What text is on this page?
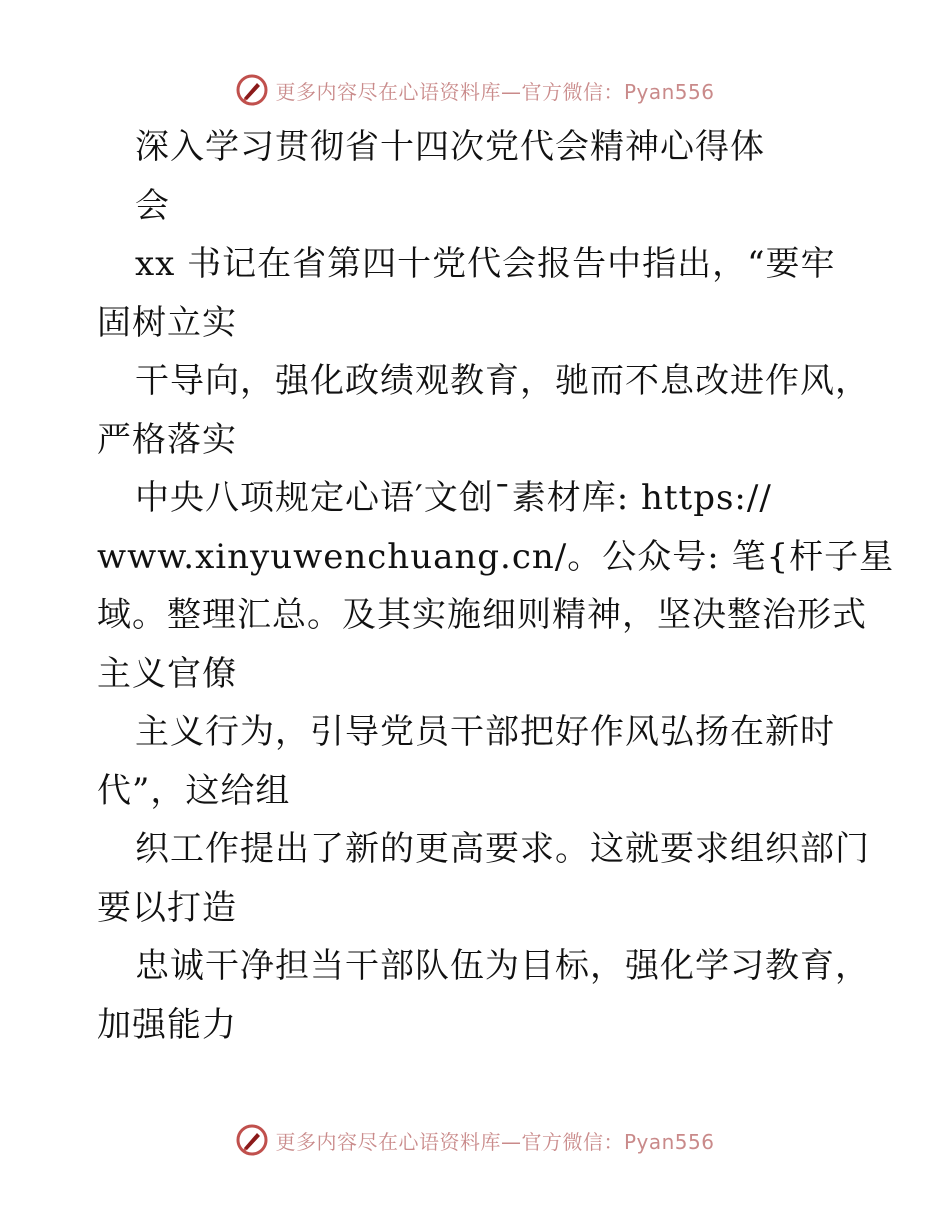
更多内容尽在心语资料库—官方微信：Pyan556
深入学习贯彻省十四次党代会精神心得体
会
xx 书记在省第四十党代会报告中指出，“要牢
固树立实
干导向，强化政绩观教育，驰而不息改进作风，
严格落实
中央八项规定心语′文创¯素材库: https://
www.xinyuwenchuang.cn/。公众号: 笔{杆子星
域。整理汇总。及其实施细则精神，坚决整治形式
主义官僚
主义行为，引导党员干部把好作风弘扬在新时
代”，这给组
织工作提出了新的更高要求。这就要求组织部门
要以打造
忠诚干净担当干部队伍为目标，强化学习教育，
加强能力
更多内容尽在心语资料库—官方微信：Pyan556
